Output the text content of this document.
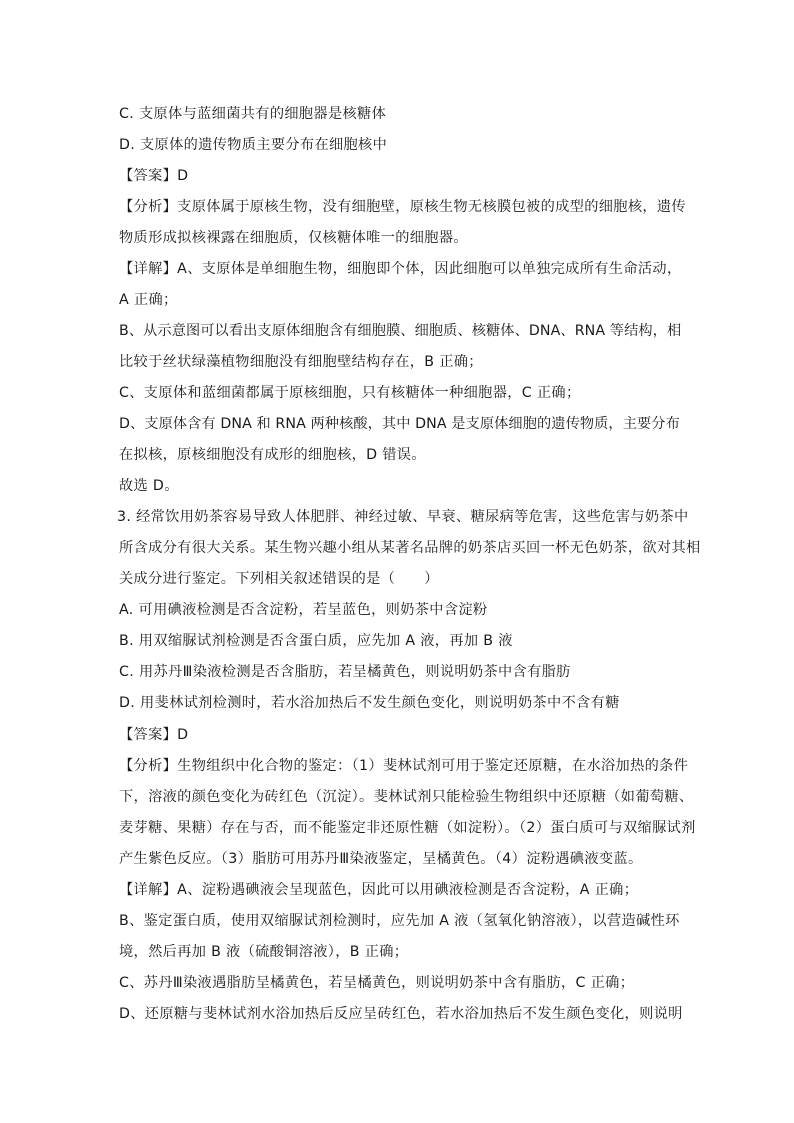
C. 支原体与蓝细菌共有的细胞器是核糖体
D. 支原体的遗传物质主要分布在细胞核中
【答案】D
【分析】支原体属于原核生物，没有细胞壁，原核生物无核膜包被的成型的细胞核，遗传
物质形成拟核裸露在细胞质，仅核糖体唯一的细胞器。
【详解】A、支原体是单细胞生物，细胞即个体，因此细胞可以单独完成所有生命活动，
A 正确；
B、从示意图可以看出支原体细胞含有细胞膜、细胞质、核糖体、DNA、RNA 等结构，相
比较于丝状绿藻植物细胞没有细胞壁结构存在，B 正确；
C、支原体和蓝细菌都属于原核细胞，只有核糖体一种细胞器，C 正确；
D、支原体含有 DNA 和 RNA 两种核酸，其中 DNA 是支原体细胞的遗传物质，主要分布
在拟核，原核细胞没有成形的细胞核，D 错误。
故选 D。
3. 经常饮用奶茶容易导致人体肥胖、神经过敏、早衰、糖尿病等危害，这些危害与奶茶中
所含成分有很大关系。某生物兴趣小组从某著名品牌的奶茶店买回一杯无色奶茶，欲对其相
关成分进行鉴定。下列相关叙述错误的是（　　）
A. 可用碘液检测是否含淀粉，若呈蓝色，则奶茶中含淀粉
B. 用双缩脲试剂检测是否含蛋白质，应先加 A 液，再加 B 液
C. 用苏丹Ⅲ染液检测是否含脂肪，若呈橘黄色，则说明奶茶中含有脂肪
D. 用斐林试剂检测时，若水浴加热后不发生颜色变化，则说明奶茶中不含有糖
【答案】D
【分析】生物组织中化合物的鉴定：（1）斐林试剂可用于鉴定还原糖，在水浴加热的条件
下，溶液的颜色变化为砖红色（沉淀）。斐林试剂只能检验生物组织中还原糖（如葡萄糖、
麦芽糖、果糖）存在与否，而不能鉴定非还原性糖（如淀粉）。（2）蛋白质可与双缩脲试剂
产生紫色反应。（3）脂肪可用苏丹Ⅲ染液鉴定，呈橘黄色。（4）淀粉遇碘液变蓝。
【详解】A、淀粉遇碘液会呈现蓝色，因此可以用碘液检测是否含淀粉，A 正确；
B、鉴定蛋白质，使用双缩脲试剂检测时，应先加 A 液（氢氧化钠溶液），以营造碱性环
境，然后再加 B 液（硫酸铜溶液），B 正确；
C、苏丹Ⅲ染液遇脂肪呈橘黄色，若呈橘黄色，则说明奶茶中含有脂肪，C 正确；
D、还原糖与斐林试剂水浴加热后反应呈砖红色，若水浴加热后不发生颜色变化，则说明
